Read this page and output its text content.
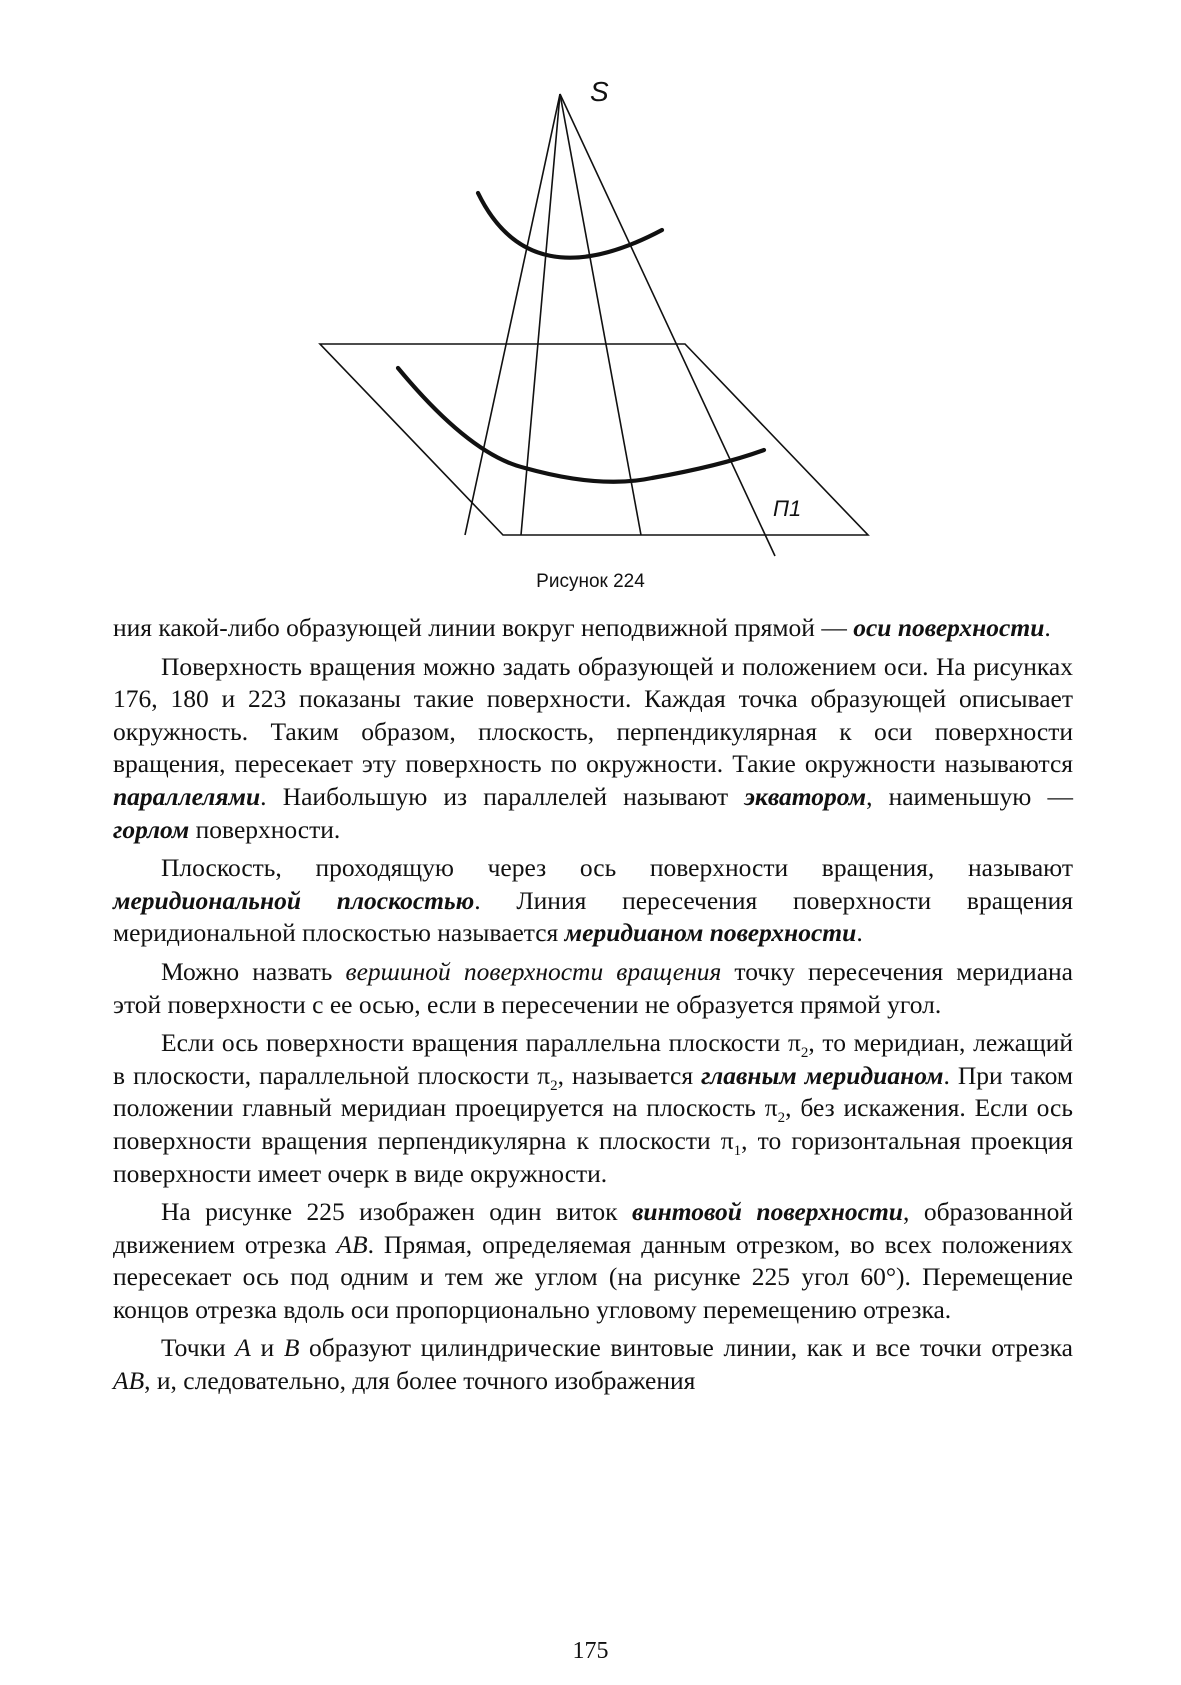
S
П1
Рисунок 224

ния какой-либо образующей линии вокруг неподвижной прямой — оси поверхности.

Поверхность вращения можно задать образующей и положением оси. На рисунках 176, 180 и 223 показаны такие поверхности. Каждая точка образующей описывает окружность. Таким образом, плоскость, перпендикулярная к оси поверхности вращения, пересекает эту поверхность по окружности. Такие окружности называются параллелями. Наибольшую из параллелей называют экватором, наименьшую — горлом поверхности.

Плоскость, проходящую через ось поверхности вращения, называют меридиональной плоскостью. Линия пересечения поверхности вращения меридиональной плоскостью называется меридианом поверхности.

Можно назвать вершиной поверхности вращения точку пересечения меридиана этой поверхности с ее осью, если в пересечении не образуется прямой угол.

Если ось поверхности вращения параллельна плоскости $\pi_2$, то меридиан, лежащий в плоскости, параллельной плоскости $\pi_2$, называется главным меридианом. При таком положении главный меридиан проецируется на плоскость $\pi_2$, без искажения. Если ось поверхности вращения перпендикулярна к плоскости $\pi_1$, то горизонтальная проекция поверхности имеет очерк в виде окружности.

На рисунке 225 изображен один виток винтовой поверхности, образованной движением отрезка АВ. Прямая, определяемая данным отрезком, во всех положениях пересекает ось под одним и тем же углом (на рисунке 225 угол 60°). Перемещение концов отрезка вдоль оси пропорционально угловому перемещению отрезка.

Точки А и В образуют цилиндрические винтовые линии, как и все точки отрезка АВ, и, следовательно, для более точного изображения

175
